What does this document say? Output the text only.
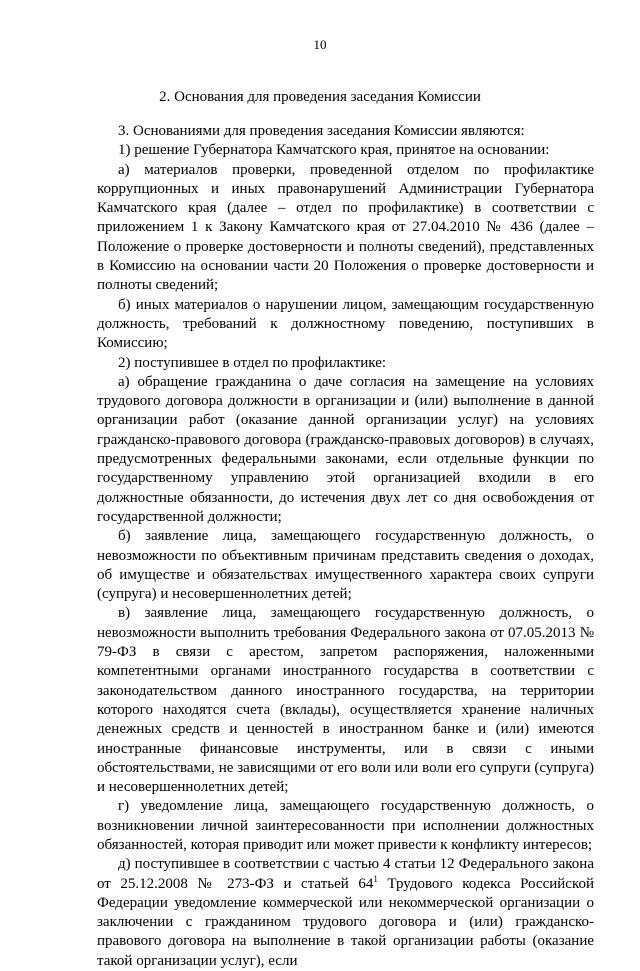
10
2. Основания для проведения заседания Комиссии

3. Основаниями для проведения заседания Комиссии являются:

1) решение Губернатора Камчатского края, принятое на основании:

а) материалов проверки, проведенной отделом по профилактике коррупционных и иных правонарушений Администрации Губернатора Камчатского края (далее – отдел по профилактике) в соответствии с приложением 1 к Закону Камчатского края от 27.04.2010 № 436 (далее – Положение о проверке достоверности и полноты сведений), представленных в Комиссию на основании части 20 Положения о проверке достоверности и полноты сведений;

б) иных материалов о нарушении лицом, замещающим государственную должность, требований к должностному поведению, поступивших в Комиссию;

2) поступившее в отдел по профилактике:

а) обращение гражданина о даче согласия на замещение на условиях трудового договора должности в организации и (или) выполнение в данной организации работ (оказание данной организации услуг) на условиях гражданско-правового договора (гражданско-правовых договоров) в случаях, предусмотренных федеральными законами, если отдельные функции по государственному управлению этой организацией входили в его должностные обязанности, до истечения двух лет со дня освобождения от государственной должности;

б) заявление лица, замещающего государственную должность, о невозможности по объективным причинам представить сведения о доходах, об имуществе и обязательствах имущественного характера своих супруги (супруга) и несовершеннолетних детей;

в) заявление лица, замещающего государственную должность, о невозможности выполнить требования Федерального закона от 07.05.2013 № 79-ФЗ в связи с арестом, запретом распоряжения, наложенными компетентными органами иностранного государства в соответствии с законодательством данного иностранного государства, на территории которого находятся счета (вклады), осуществляется хранение наличных денежных средств и ценностей в иностранном банке и (или) имеются иностранные финансовые инструменты, или в связи с иными обстоятельствами, не зависящими от его воли или воли его супруги (супруга) и несовершеннолетних детей;

г) уведомление лица, замещающего государственную должность, о возникновении личной заинтересованности при исполнении должностных обязанностей, которая приводит или может привести к конфликту интересов;

д) поступившее в соответствии с частью 4 статьи 12 Федерального закона от 25.12.2008 № 273-ФЗ и статьей $64^1$ Трудового кодекса Российской Федерации уведомление коммерческой или некоммерческой организации о заключении с гражданином трудового договора и (или) гражданско-правового договора на выполнение в такой организации работы (оказание такой организации услуг), если
